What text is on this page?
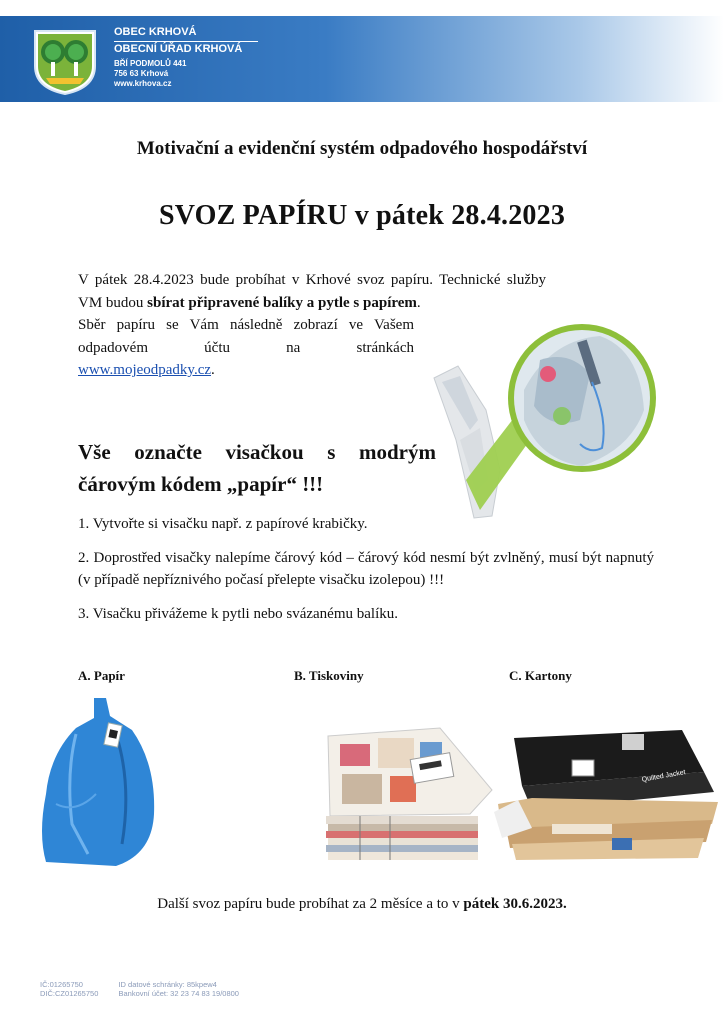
OBEC KRHOVÁ
OBECNÍ ÚŘAD KRHOVÁ
BŘÍ PODMOLŮ 441
756 63 Krhová
www.krhova.cz
Motivační a evidenční systém odpadového hospodářství
SVOZ PAPÍRU v pátek 28.4.2023
V pátek 28.4.2023 bude probíhat v Krhové svoz papíru. Technické služby VM budou sbírat připravené balíky a pytle s papírem.
Sběr papíru se Vám následně zobrazí ve Vašem
odpadovém účtu na stránkách
www.mojeodpadky.cz.
Vše označte visačkou s modrým
čárovým kódem „papír“ !!!

1. Vytvořte si visačku např. z papírové krabičky.

2. Doprostřed visačky nalepíme čárový kód – čárový kód nesmí být zvlněný, musí být napnutý (v případě nepříznivého počasí přelepte visačku izolepou) !!!

3. Visačku přivážeme k pytli nebo svázanému balíku.

A. Papír	B. Tiskoviny	C. Kartony
Quilted Jacket
Další svoz papíru bude probíhat za 2 měsíce a to v pátek 30.6.2023.
IČ:01265750
DIČ:CZ01265750

ID datové schránky: 85kpew4
Bankovní účet: 32 23 74 83 19/0800
